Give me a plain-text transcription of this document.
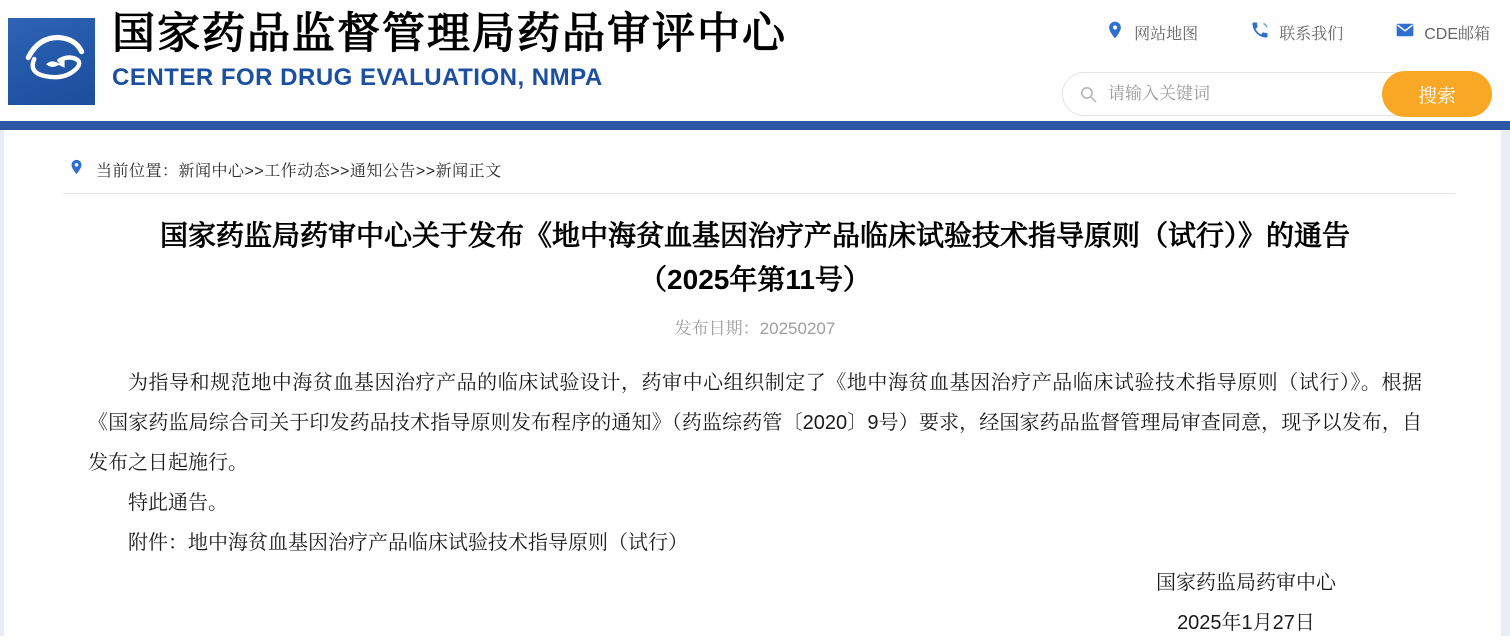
国家药品监督管理局药品审评中心
CENTER FOR DRUG EVALUATION, NMPA
网站地图	联系我们	CDE邮箱
请输入关键词
搜索
当前位置：新闻中心>>工作动态>>通知公告>>新闻正文
国家药监局药审中心关于发布《地中海贫血基因治疗产品临床试验技术指导原则（试行）》的通告
（2025年第11号）
发布日期：20250207

为指导和规范地中海贫血基因治疗产品的临床试验设计，药审中心组织制定了《地中海贫血基因治疗产品临床试验技术指导原则（试行）》。根据《国家药监局综合司关于印发药品技术指导原则发布程序的通知》（药监综药管〔2020〕9号）要求，经国家药品监督管理局审查同意，现予以发布，自发布之日起施行。

特此通告。

附件：地中海贫血基因治疗产品临床试验技术指导原则（试行）

国家药监局药审中心
2025年1月27日
